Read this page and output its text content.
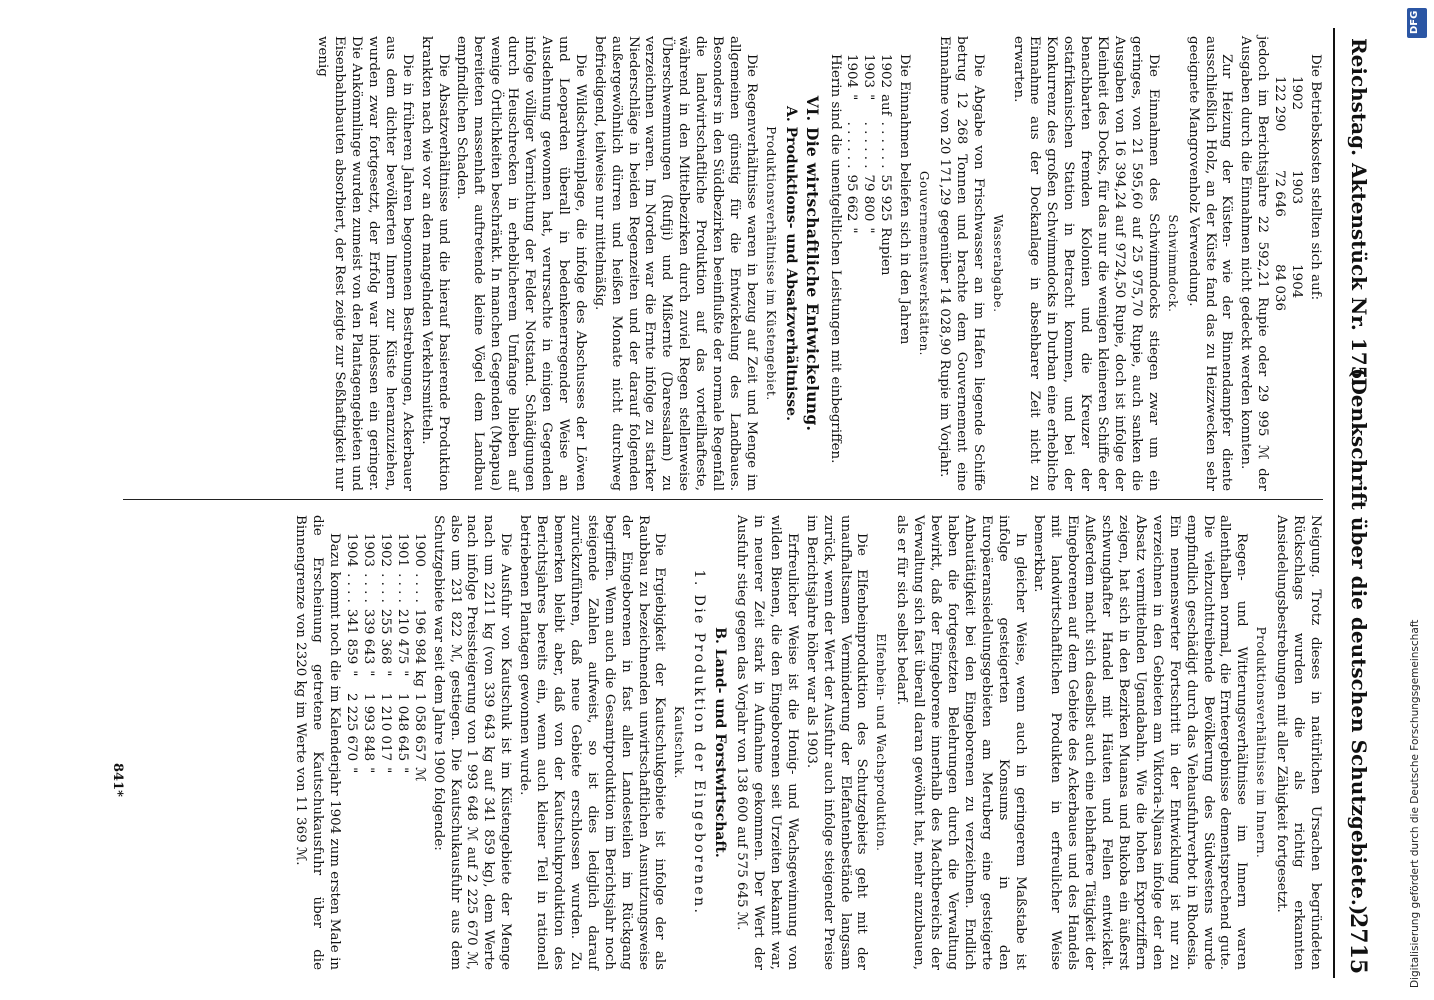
Reichstag. Aktenstück Nr. 175.
(Denkschrift über die deutschen Schutzgebiete.)
2715

Die Betriebskosten stellten sich auf:

1902	1903	1904
122 290	72 646	84 036

jedoch im Berichtsjahre 22 592,21 Rupie oder 29 995 ℳ der Ausgaben durch die Einnahmen nicht gedeckt werden konnten.

Zur Heizung der Küsten- wie der Binnendampfer diente ausschließlich Holz, an der Küste fand das zu Heizzwecken sehr geeignete Mangrovenholz Verwendung.

Schwimmdock.

Die Einnahmen des Schwimmdocks stiegen zwar um ein geringes, von 21 595,60 auf 25 975,70 Rupie, auch sanken die Ausgaben von 16 394,24 auf 9724,50 Rupie, doch ist infolge der Kleinheit des Docks, für das nur die wenigen kleineren Schiffe der benachbarten fremden Kolonien und die Kreuzer der ostafrikanischen Station in Betracht kommen, und bei der Konkurrenz des großen Schwimmdocks in Durban eine erhebliche Einnahme aus der Dockanlage in absehbarer Zeit nicht zu erwarten.

Wasserabgabe.

Die Abgabe von Frischwasser an im Hafen liegende Schiffe betrug 12 268 Tonnen und brachte dem Gouvernement eine Einnahme von 20 171,29 gegenüber 14 028,90 Rupie im Vorjahr.

Gouvernementswerkstätten.

Die Einnahmen beliefen sich in den Jahren

1902	auf	. . . . . .	55 925	Rupien
1903	"	. . . . . .	79 800	"
1904	"	. . . . . .	95 662	"

Hierin sind die unentgeltlichen Leistungen mit einbegriffen.

VI. Die wirtschaftliche Entwickelung.
A. Produktions- und Absatzverhältnisse.
Produktionsverhältnisse im Küstengebiet.

Die Regenverhältnisse waren in bezug auf Zeit und Menge im allgemeinen günstig für die Entwickelung des Landbaues. Besonders in den Süddbezirken beeinflußte der normale Regenfall die landwirtschaftliche Produktion auf das vorteilhafteste, während in den Mittelbezirken durch zuviel Regen stellenweise Überschwemmungen (Rufiji) und Mißernte (Daressalam) zu verzeichnen waren. Im Norden war die Ernte infolge zu starker Niederschläge in beiden Regenzeiten und der darauf folgenden außergewöhnlich dürren und heißen Monate nicht durchweg befriedigend, teilweise nur mittelmäßig.

Die Wildschweinplage, die infolge des Abschusses der Löwen und Leoparden überall in bedenkenerregender Weise an Ausdehnung gewonnen hat, verursachte in einigen Gegenden infolge völliger Vernichtung der Felder Notstand. Schädigungen durch Heuschrecken in erheblicherem Umfange blieben auf wenige Örtlichkeiten beschränkt. In manchen Gegenden (Mpapua) bereiteten massenhaft auftretende kleine Vögel dem Landbau empfindlichen Schaden.

Die Absatzverhältnisse und die hierauf basierende Produktion krankten nach wie vor an den mangelnden Verkehrsmitteln.

Die in früheren Jahren begonnenen Bestrebungen, Ackerbauer aus dem dichter bevölkerten Innern zur Küste heranzuziehen, wurden zwar fortgesetzt, der Erfolg war indessen ein geringer. Die Ankömmlinge wurden zumeist von den Plantagengebieten und Eisenbahnbauten absorbiert, der Rest zeigte zur Seßhaftigkeit nur wenig

Neigung. Trotz dieses in natürlichen Ursachen begründeten Rückschlags wurden die als richtig erkannten Ansiedelungsbestrebungen mit aller Zähigkeit fortgesetzt.

Produktionsverhältnisse im Innern.

Regen- und Witterungsverhältnisse im Innern waren allenthalben normal, die Ernteergebnisse dementsprechend gute. Die viehzuchttreibende Bevölkerung des Südwestens wurde empfindlich geschädigt durch das Viehausfuhrverbot in Rhodesia. Ein nennenswerter Fortschritt in der Entwicklung ist nur zu verzeichnen in den Gebieten am Viktoria-Njansa infolge der den Absatz vermittelnden Ugandabahn. Wie die hohen Exportziffern zeigen, hat sich in den Bezirken Muansa und Bukoba ein äußerst schwunghafter Handel mit Häuten und Fellen entwickelt. Außerdem macht sich daselbst auch eine lebhaftere Tätigkeit der Eingeborenen auf dem Gebiete des Ackerbaues und des Handels mit landwirtschaftlichen Produkten in erfreulicher Weise bemerkbar.

In gleicher Weise, wenn auch in geringerem Maßstabe ist infolge gesteigerten Konsums in den Europäeransiedelungsgebieten am Meruberg eine gesteigerte Anbautätigkeit bei den Eingeborenen zu verzeichnen. Endlich haben die fortgesetzten Belehrungen durch die Verwaltung bewirkt, daß der Eingeborene innerhalb des Machtbereichs der Verwaltung sich fast überall daran gewöhnt hat, mehr anzubauen, als er für sich selbst bedarf.

Elfenbein- und Wachsproduktion.

Die Elfenbeinproduktion des Schutzgebiets geht mit der unaufhaltsamen Verminderung der Elefantenbestände langsam zurück, wenn der Wert der Ausfuhr auch infolge steigender Preise im Berichtsjahre höher war als 1903.

Erfreulicher Weise ist die Honig- und Wachsgewinnung von wilden Bienen, die den Eingeborenen seit Urzeiten bekannt war, in neuerer Zeit stark in Aufnahme gekommen. Der Wert der Ausfuhr stieg gegen das Vorjahr von 138 600 auf 575 645 ℳ.

B. Land- und Forstwirtschaft.
1. Die Produktion der Eingeborenen.
Kautschuk.

Die Ergiebigkeit der Kautschukgebiete ist infolge der als Raubbau zu bezeichnenden unwirtschaftlichen Ausnutzungsweise der Eingeborenen in fast allen Landesteilen im Rückgang begriffen. Wenn auch die Gesamtproduktion im Berichtsjahr noch steigende Zahlen aufweist, so ist dies lediglich darauf zurückzuführen, daß neue Gebiete erschlossen wurden. Zu bemerken bleibt aber, daß von der Kautschukproduktion des Berichtsjahres bereits ein, wenn auch kleiner Teil in rationell betriebenen Plantagen gewonnen wurde.

Die Ausfuhr von Kautschuk ist im Küstengebiete der Menge nach um 2211 kg (von 339 643 kg auf 341 859 kg), dem Werte nach infolge Preissteigerung von 1 993 648 ℳ auf 2 225 670 ℳ, also um 231 822 ℳ, gestiegen. Die Kautschukausfuhr aus dem Schutzgebiete war seit dem Jahre 1900 folgende:

1900	. . . .	196 984	kg	1 058 657	ℳ
1901	. . . .	210 475	"	1 048 645	"
1902	. . . .	255 368	"	1 210 017	"
1903	. . . .	339 643	"	1 993 848	"
1904	. . . .	341 859	"	2 225 670	"

Dazu kommt noch die im Kalenderjahr 1904 zum ersten Male in die Erscheinung getretene Kautschukausfuhr über die Binnengrenze von 2320 kg im Werte von 11 369 ℳ.

841*
DFG
Digitalisierung gefördert durch die Deutsche Forschungsgemeinschaft
